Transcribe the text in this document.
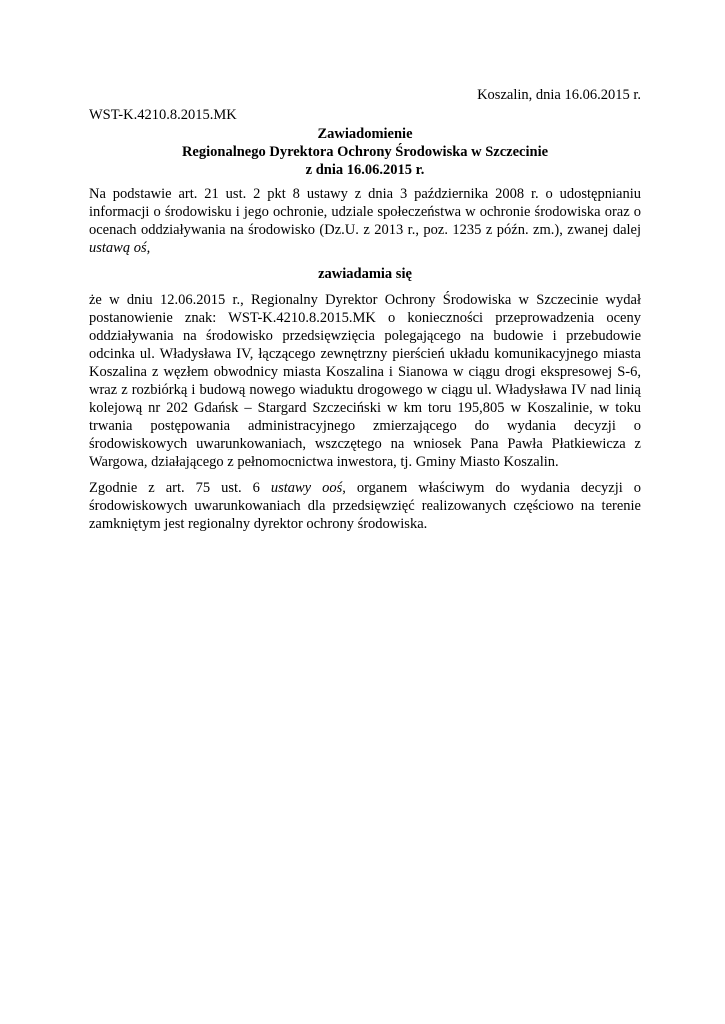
Koszalin, dnia 16.06.2015 r.

WST-K.4210.8.2015.MK

Zawiadomienie
Regionalnego Dyrektora Ochrony Środowiska w Szczecinie
z dnia 16.06.2015 r.

Na podstawie art. 21 ust. 2 pkt 8 ustawy z dnia 3 października 2008 r. o udostępnianiu informacji o środowisku i jego ochronie, udziale społeczeństwa w ochronie środowiska oraz o ocenach oddziaływania na środowisko (Dz.U. z 2013 r., poz. 1235 z późn. zm.), zwanej dalej ustawą oś,

zawiadamia się

że w dniu 12.06.2015 r., Regionalny Dyrektor Ochrony Środowiska w Szczecinie wydał postanowienie znak: WST-K.4210.8.2015.MK o konieczności przeprowadzenia oceny oddziaływania na środowisko przedsięwzięcia polegającego na budowie i przebudowie odcinka ul. Władysława IV, łączącego zewnętrzny pierścień układu komunikacyjnego miasta Koszalina z węzłem obwodnicy miasta Koszalina i Sianowa w ciągu drogi ekspresowej S-6, wraz z rozbiórką i budową nowego wiaduktu drogowego w ciągu ul. Władysława IV nad linią kolejową nr 202 Gdańsk – Stargard Szczeciński w km toru 195,805 w Koszalinie, w toku trwania postępowania administracyjnego zmierzającego do wydania decyzji o środowiskowych uwarunkowaniach, wszczętego na wniosek Pana Pawła Płatkiewicza z Wargowa, działającego z pełnomocnictwa inwestora, tj. Gminy Miasto Koszalin.

Zgodnie z art. 75 ust. 6 ustawy ooś, organem właściwym do wydania decyzji o środowiskowych uwarunkowaniach dla przedsięwzięć realizowanych częściowo na terenie zamkniętym jest regionalny dyrektor ochrony środowiska.
